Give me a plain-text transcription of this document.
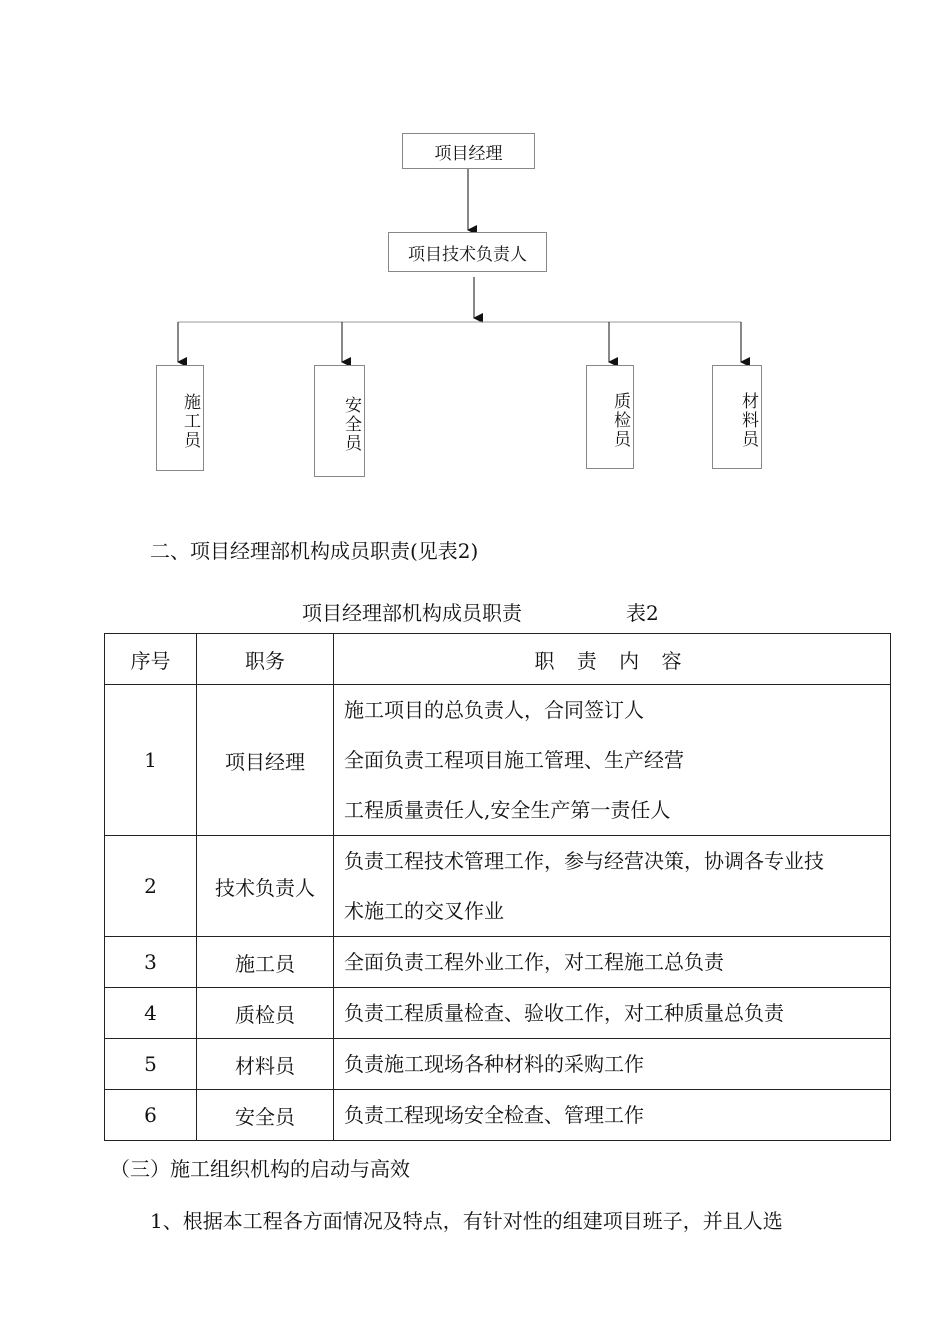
项目经理
项目技术负责人
施工员	安全员	质检员	材料员
二、项目经理部机构成员职责(见表2)
项目经理部机构成员职责	表2
序号	职务	职 责 内 容
1	项目经理	施工项目的总负责人，合同签订人
全面负责工程项目施工管理、生产经营
工程质量责任人,安全生产第一责任人

2	技术负责人	负责工程技术管理工作，参与经营决策，协调各专业技
术施工的交叉作业

3	施工员	全面负责工程外业工作，对工程施工总负责

4	质检员	负责工程质量检查、验收工作，对工种质量总负责

5	材料员	负责施工现场各种材料的采购工作

6	安全员	负责工程现场安全检查、管理工作
（三）施工组织机构的启动与高效
1、根据本工程各方面情况及特点，有针对性的组建项目班子，并且人选
